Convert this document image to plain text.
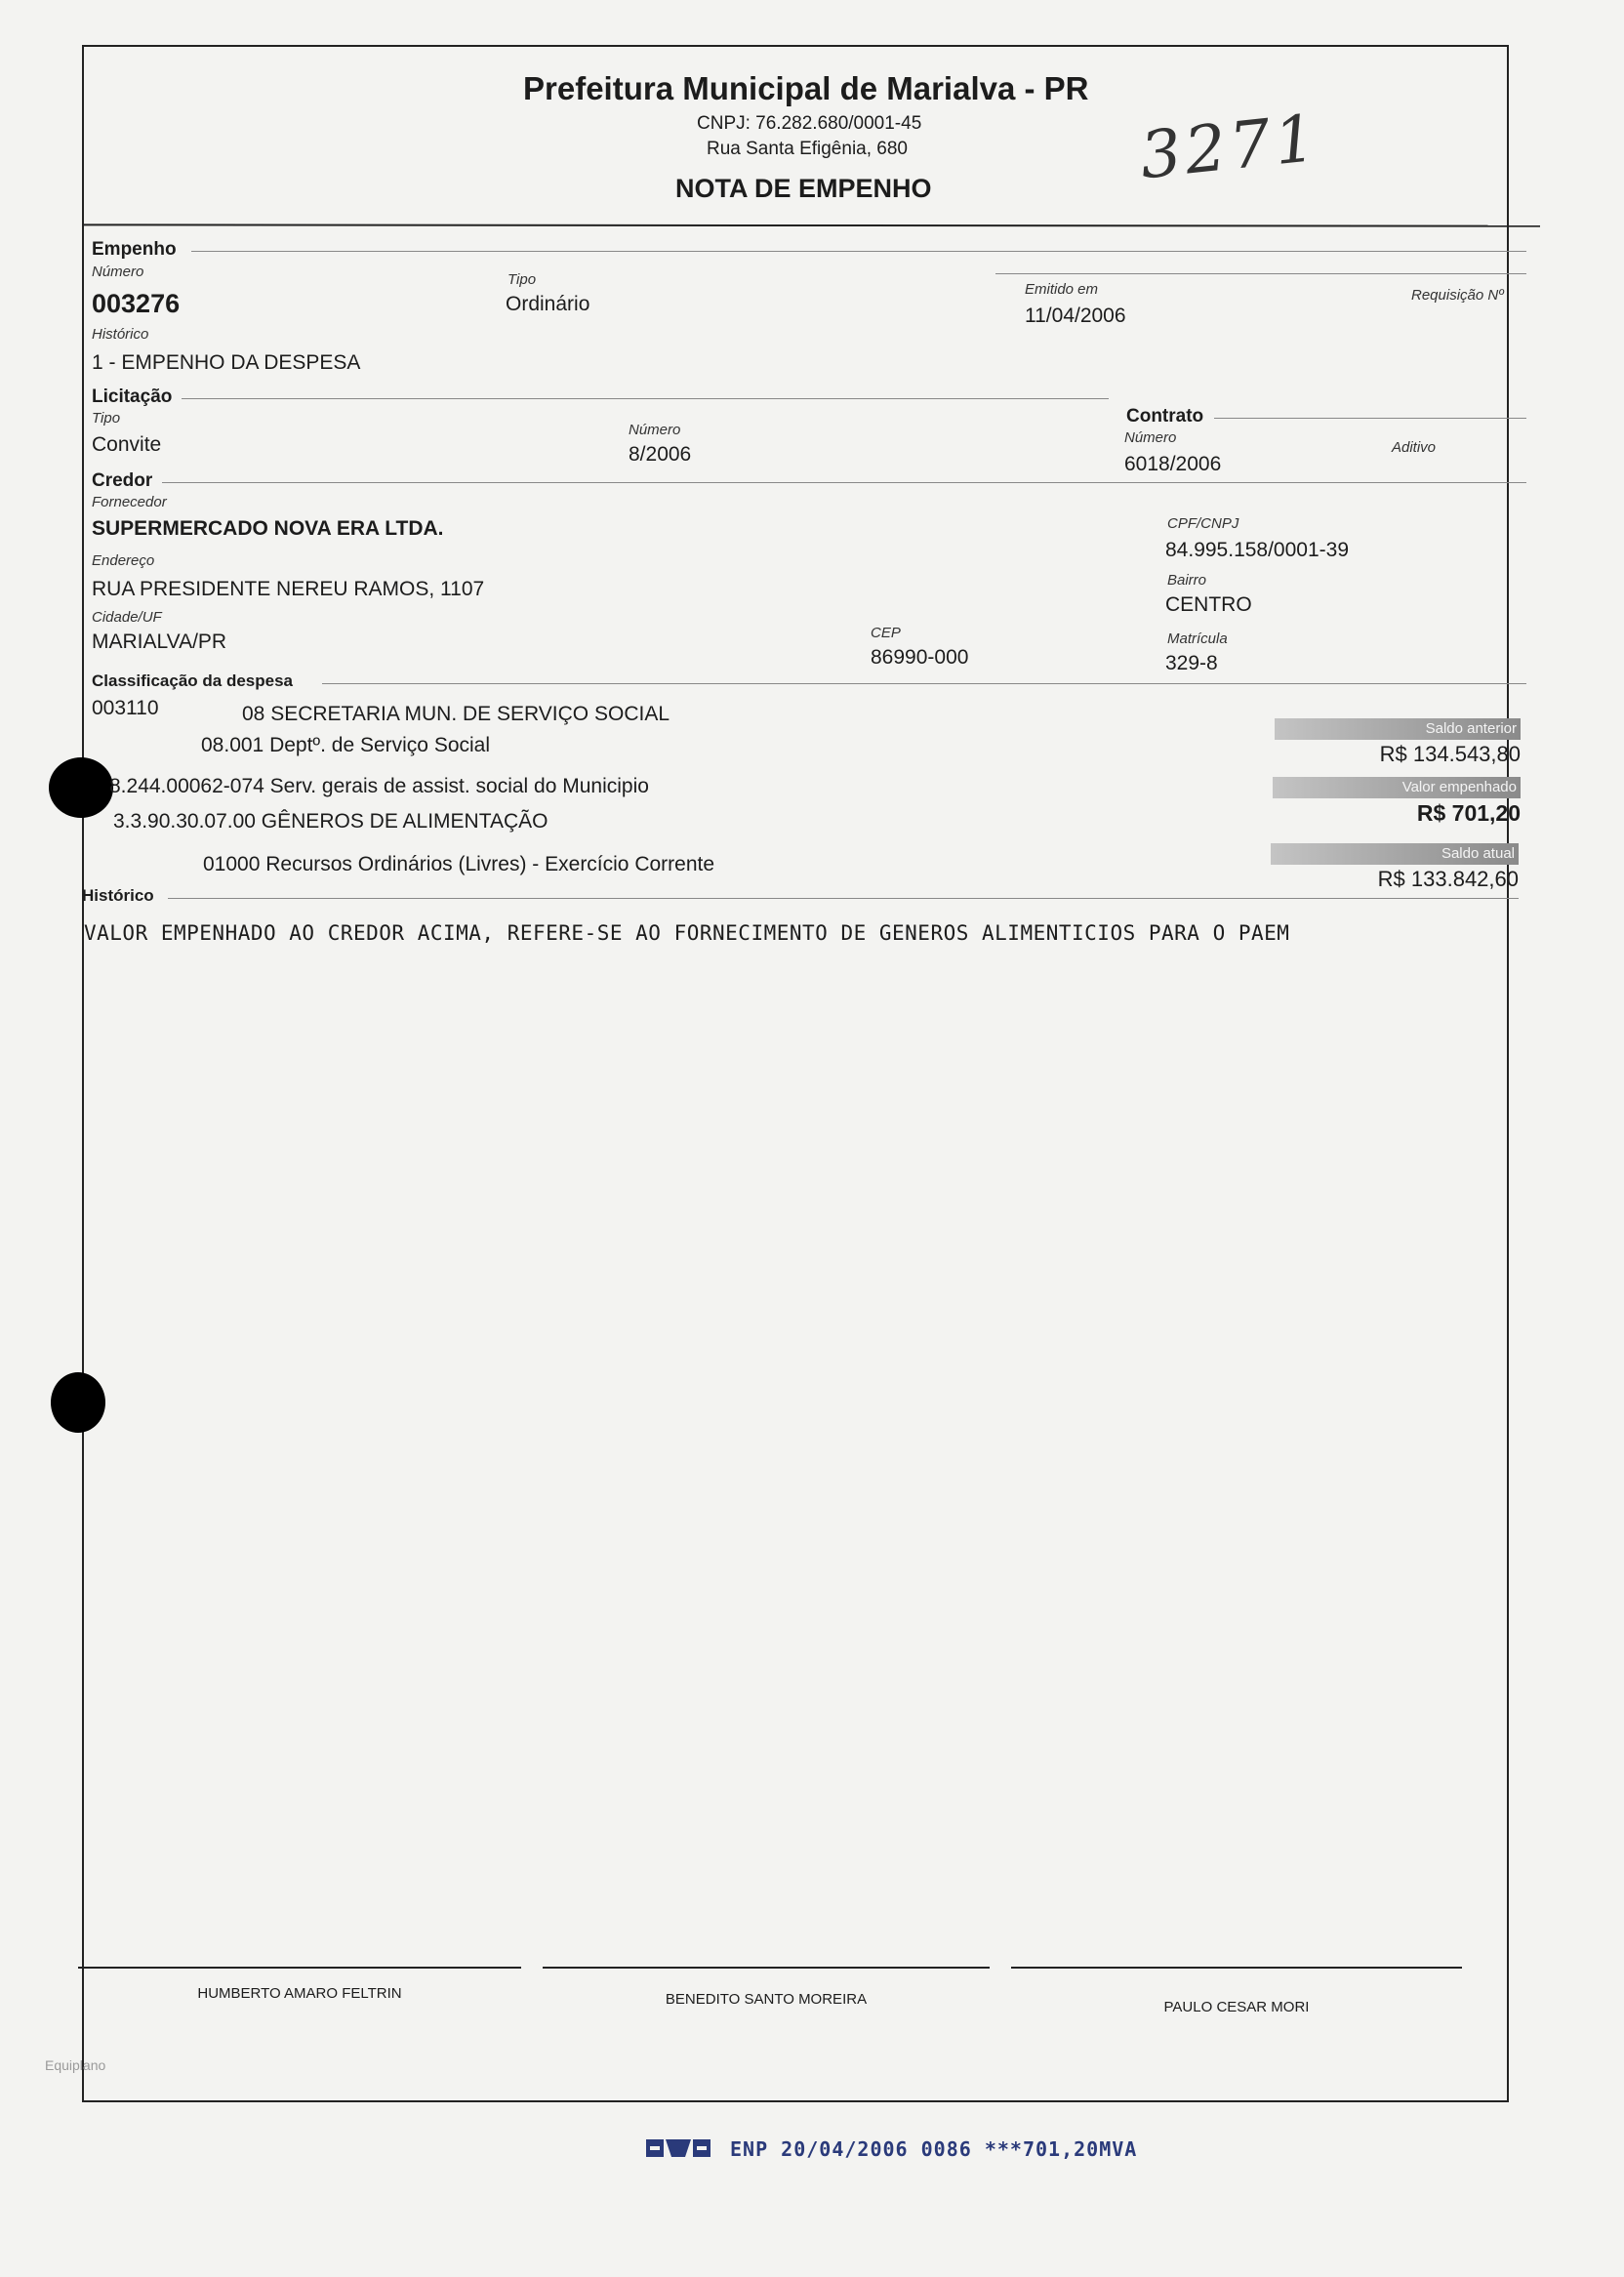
Prefeitura Municipal de Marialva - PR
CNPJ: 76.282.680/0001-45
Rua Santa Efigênia, 680
NOTA DE EMPENHO	3271
Empenho
Número
003276
Tipo
Ordinário
Emitido em
11/04/2006
Requisição Nº
Histórico
1 - EMPENHO DA DESPESA
Licitação
Tipo
Convite
Número
8/2006
Contrato
Número
6018/2006
Aditivo
Credor
Fornecedor
SUPERMERCADO NOVA ERA LTDA.	CPF/CNPJ
84.995.158/0001-39
Endereço
RUA PRESIDENTE NEREU RAMOS, 1107	Bairro
CENTRO
Cidade/UF
MARIALVA/PR	CEP
86990-000
Matrícula
329-8
Classificação da despesa
003110	08 SECRETARIA MUN. DE SERVIÇO SOCIAL
08.001 Deptº. de Serviço Social
8.244.00062-074 Serv. gerais de assist. social do Municipio
3.3.90.30.07.00 GÊNEROS DE ALIMENTAÇÃO
01000 Recursos Ordinários (Livres) - Exercício Corrente
Saldo anterior
R$ 134.543,80
Valor empenhado
R$ 701,20
Saldo atual
R$ 133.842,60
Histórico
VALOR EMPENHADO AO CREDOR ACIMA, REFERE-SE AO FORNECIMENTO DE GENEROS ALIMENTICIOS PARA O PAEM
HUMBERTO AMARO FELTRIN	BENEDITO SANTO MOREIRA	PAULO CESAR MORI
Equiplano
ENP 20/04/2006 0086 ***701,20MVA
